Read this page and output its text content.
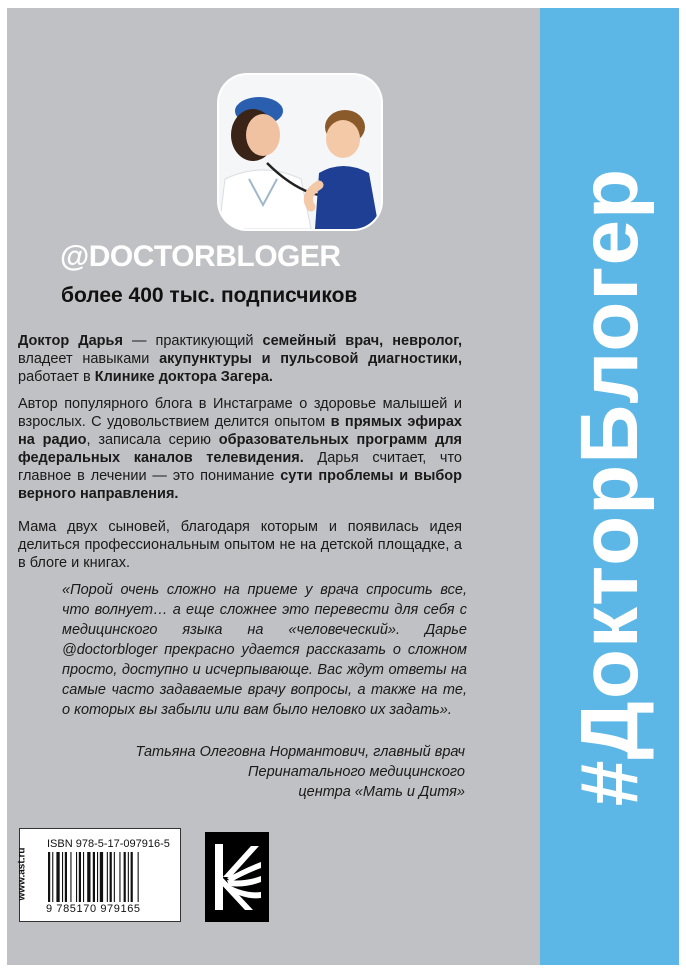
#ДокторБлогер
@DOCTORBLOGER
более 400 тыс. подписчиков
Доктор Дарья — практикующий семейный врач, невролог, владеет навыками акупунктуры и пульсовой диагностики, работает в Клинике доктора Загера.
Автор популярного блога в Инстаграме о здоровье малышей и взрослых. С удовольствием делится опытом в прямых эфирах на радио, записала серию образовательных программ для федеральных каналов телевидения. Дарья считает, что главное в лечении — это понимание сути проблемы и выбор верного направления.
Мама двух сыновей, благодаря которым и появилась идея делиться профессиональным опытом не на детской площадке, а в блоге и книгах.
«Порой очень сложно на приеме у врача спросить все, что волнует… а еще сложнее это перевести для себя с медицинского языка на «человеческий». Дарье @doctorbloger прекрасно удается рассказать о сложном просто, доступно и исчерпывающе. Вас ждут ответы на самые часто задаваемые врачу вопросы, а также на те, о которых вы забыли или вам было неловко их задать».
Татьяна Олеговна Нормантович, главный врач
Перинатального медицинского
центра «Мать и Дитя»
www.ast.ru
ISBN 978-5-17-097916-5
9 785170 979165
